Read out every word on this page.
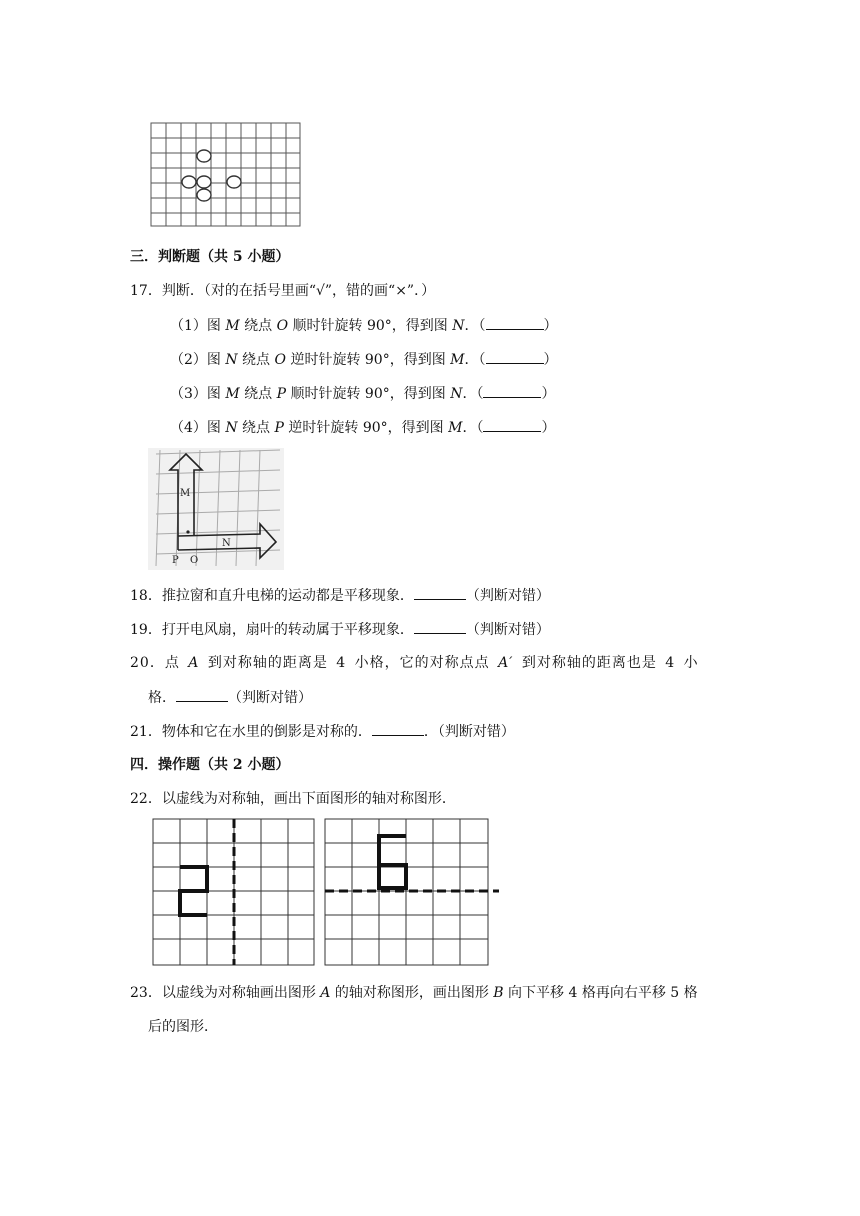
三．判断题（共 5 小题）
17．判断．（对的在括号里画“√”，错的画“×”．）
（1）图 M 绕点 O 顺时针旋转 90°，得到图 N．（	）
（2）图 N 绕点 O 逆时针旋转 90°，得到图 M．（	）
（3）图 M 绕点 P 顺时针旋转 90°，得到图 N．（	）
（4）图 N 绕点 P 逆时针旋转 90°，得到图 M．（	）
M
N
P O
18．推拉窗和直升电梯的运动都是平移现象．	（判断对错）
19．打开电风扇，扇叶的转动属于平移现象．	（判断对错）
20．点 A 到对称轴的距离是 4 小格，它的对称点点 A′ 到对称轴的距离也是 4 小
格．	（判断对错）
21．物体和它在水里的倒影是对称的．	．（判断对错）
四．操作题（共 2 小题）
22．以虚线为对称轴，画出下面图形的轴对称图形．
23．以虚线为对称轴画出图形 A 的轴对称图形，画出图形 B 向下平移 4 格再向右平移 5 格
后的图形．
